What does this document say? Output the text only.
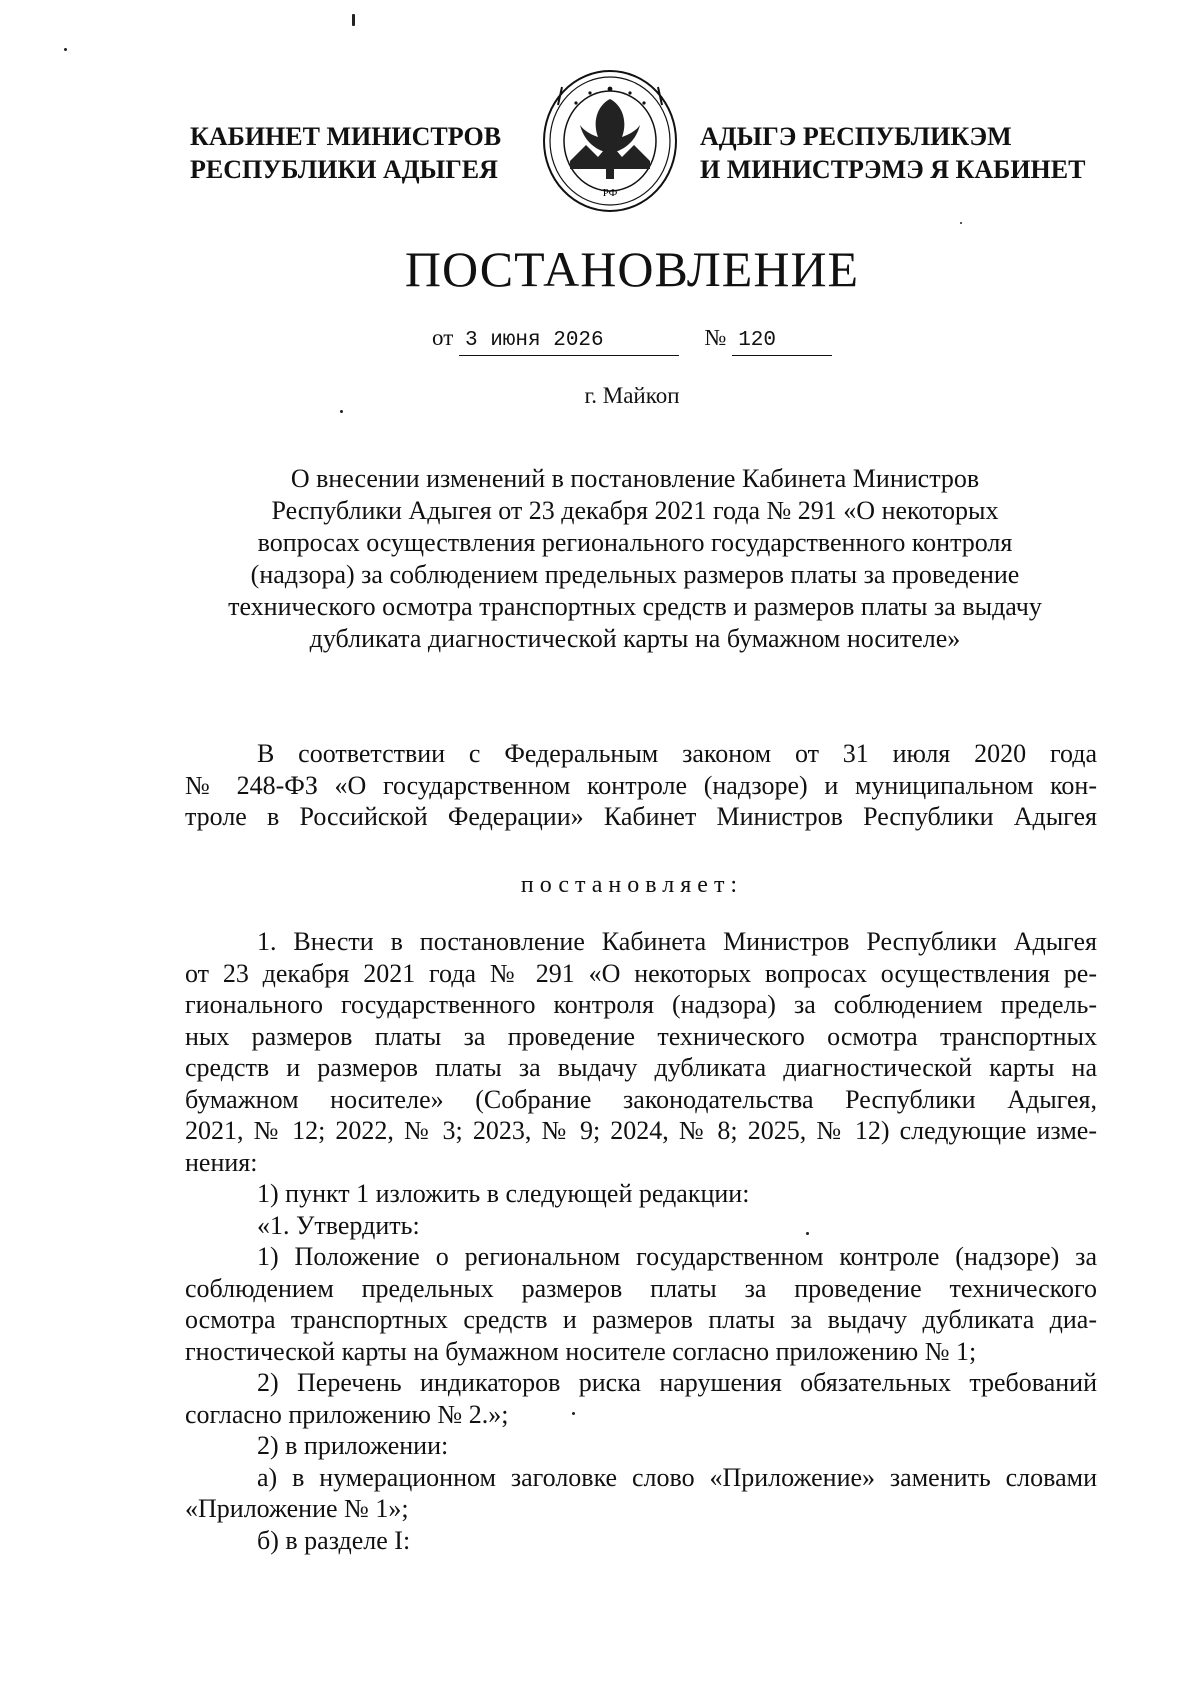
КАБИНЕТ МИНИСТРОВ
РЕСПУБЛИКИ АДЫГЕЯ
РФ
АДЫГЭ РЕСПУБЛИКЭМ
И МИНИСТРЭМЭ Я КАБИНЕТ
ПОСТАНОВЛЕНИЕ
от 3 июня 2026	№ 120
г. Майкоп
О внесении изменений в постановление Кабинета Министров
Республики Адыгея от 23 декабря 2021 года № 291 «О некоторых
вопросах осуществления регионального государственного контроля
(надзора) за соблюдением предельных размеров платы за проведение
технического осмотра транспортных средств и размеров платы за выдачу
дубликата диагностической карты на бумажном носителе»
В соответствии с Федеральным законом от 31 июля 2020 года
№ 248-ФЗ «О государственном контроле (надзоре) и муниципальном кон-
троле в Российской Федерации» Кабинет Министров Республики Адыгея
постановляет:
1. Внести в постановление Кабинета Министров Республики Адыгея
от 23 декабря 2021 года № 291 «О некоторых вопросах осуществления ре-
гионального государственного контроля (надзора) за соблюдением предель-
ных размеров платы за проведение технического осмотра транспортных
средств и размеров платы за выдачу дубликата диагностической карты на
бумажном носителе» (Собрание законодательства Республики Адыгея,
2021, № 12; 2022, № 3; 2023, № 9; 2024, № 8; 2025, № 12) следующие изме-
нения:
1) пункт 1 изложить в следующей редакции:
«1. Утвердить:
1) Положение о региональном государственном контроле (надзоре) за
соблюдением предельных размеров платы за проведение технического
осмотра транспортных средств и размеров платы за выдачу дубликата диа-
гностической карты на бумажном носителе согласно приложению № 1;
2) Перечень индикаторов риска нарушения обязательных требований
согласно приложению № 2.»;
2) в приложении:
а) в нумерационном заголовке слово «Приложение» заменить словами
«Приложение № 1»;
б) в разделе I:
